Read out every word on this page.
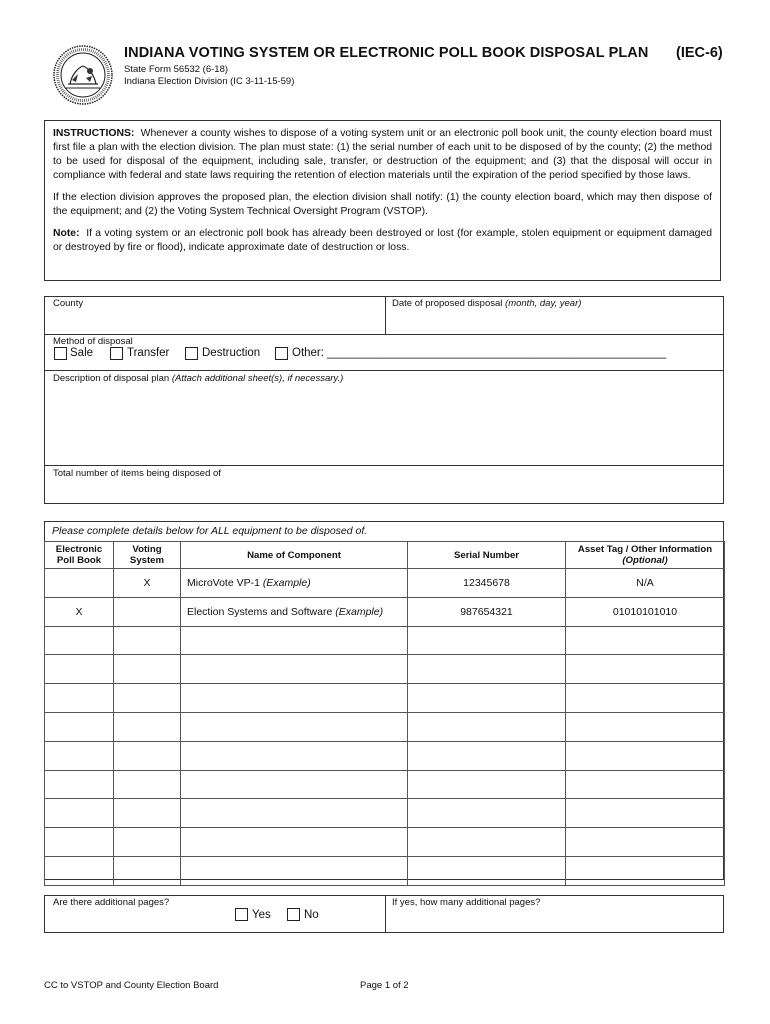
INDIANA VOTING SYSTEM OR ELECTRONIC POLL BOOK DISPOSAL PLAN (IEC-6)
State Form 56532 (6-18)
Indiana Election Division (IC 3-11-15-59)

INSTRUCTIONS: Whenever a county wishes to dispose of a voting system unit or an electronic poll book unit, the county election board must first file a plan with the election division. The plan must state: (1) the serial number of each unit to be disposed of by the county; (2) the method to be used for disposal of the equipment, including sale, transfer, or destruction of the equipment; and (3) that the disposal will occur in compliance with federal and state laws requiring the retention of election materials until the expiration of the period specified by those laws.

If the election division approves the proposed plan, the election division shall notify: (1) the county election board, which may then dispose of the equipment; and (2) the Voting System Technical Oversight Program (VSTOP).

Note: If a voting system or an electronic poll book has already been destroyed or lost (for example, stolen equipment or equipment damaged or destroyed by fire or flood), indicate approximate date of destruction or loss.

County	Date of proposed disposal (month, day, year)
Method of disposal
Sale	Transfer	Destruction	Other: _____________________________________________________
Description of disposal plan (Attach additional sheet(s), if necessary.)
Total number of items being disposed of
Please complete details below for ALL equipment to be disposed of.
Electronic
Poll Book	Voting
System	Name of Component	Serial Number	Asset Tag / Other Information
(Optional)
	X	MicroVote VP-1 (Example)	12345678	N/A
X		Election Systems and Software (Example)	987654321	01010101010

Are there additional pages?
Yes	No
If yes, how many additional pages?
CC to VSTOP and County Election Board	Page 1 of 2
